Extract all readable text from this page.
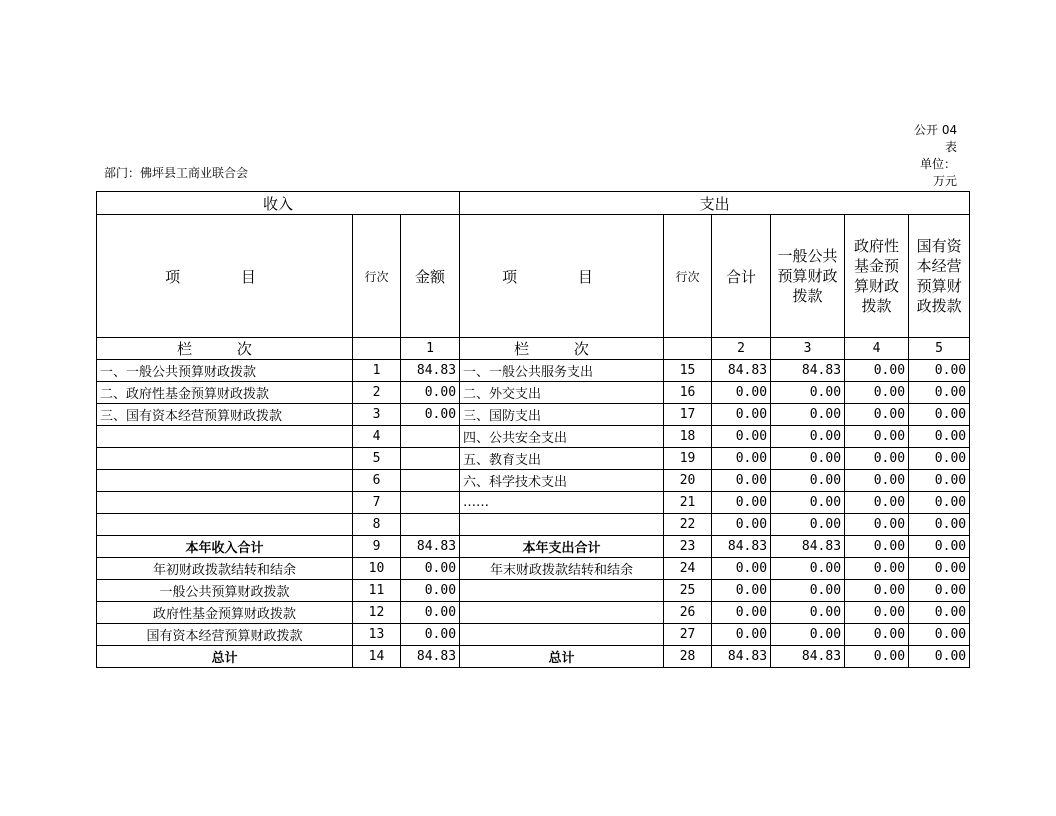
公开 04
表
单位：
万元
部门：佛坪县工商业联合会
收入			支出					
项 目	行次	金额	项 目	行次	合计	一般公共预算财政拨款	政府性基金预算财政拨款	国有资本经营预算财政拨款
栏 次		1	栏 次		2	3	4	5
一、一般公共预算财政拨款	1	84.83	一、一般公共服务支出	15	84.83	84.83	0.00	0.00
二、政府性基金预算财政拨款	2	0.00	二、外交支出	16	0.00	0.00	0.00	0.00
三、国有资本经营预算财政拨款	3	0.00	三、国防支出	17	0.00	0.00	0.00	0.00
	4		四、公共安全支出	18	0.00	0.00	0.00	0.00
	5		五、教育支出	19	0.00	0.00	0.00	0.00
	6		六、科学技术支出	20	0.00	0.00	0.00	0.00
	7		……	21	0.00	0.00	0.00	0.00
	8			22	0.00	0.00	0.00	0.00
本年收入合计	9	84.83	本年支出合计	23	84.83	84.83	0.00	0.00
年初财政拨款结转和结余	10	0.00	年末财政拨款结转和结余	24	0.00	0.00	0.00	0.00
一般公共预算财政拨款	11	0.00		25	0.00	0.00	0.00	0.00
政府性基金预算财政拨款	12	0.00		26	0.00	0.00	0.00	0.00
国有资本经营预算财政拨款	13	0.00		27	0.00	0.00	0.00	0.00
总计	14	84.83	总计	28	84.83	84.83	0.00	0.00
